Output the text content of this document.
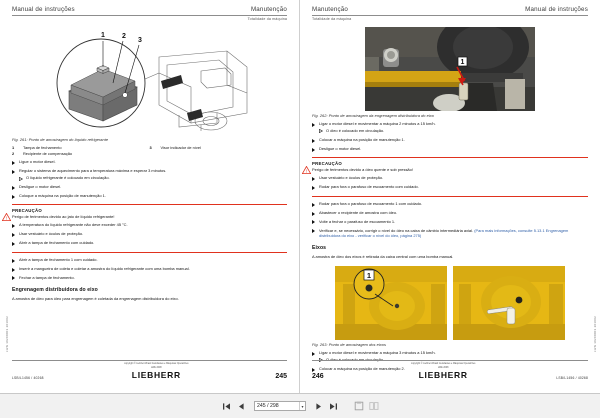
Manual de instruções	Manutenção
Totalidade da máquina
1 2
3
Fig. 261: Ponto de amostragem do líquido refrigerante
1	Tampa de fechamento
2	Recipiente de compensação
3	Visor indicador de nível
Ligue o motor diesel.
Regular o sistema de aquecimento para a temperatura máxima e esperar 3 minutos.
O líquido refrigerante é colocado em circulação.
Desligue o motor diesel.
Coloque a máquina na posição de manutenção 1.
!
PRECAUÇÃO
Perigo de ferimentos devido ao jato de líquido refrigerante!
A temperatura do líquido refrigerante não deve exceder 45 °C.
Usar vestuário e óculos de proteção.
Abrir a tampa de fechamento com cuidado.
Abrir a tampa de fechamento 1 com cuidado.
Inserir a mangueira de coleta e coletar a amostra do líquido refrigerante com uma bomba manual.
Fechar a tampa de fechamento.
Engrenagem distribuidora do eixo

A amostra de óleo para óleo para engrenagem é coletada da engrenagem distribuidora do eixo.

LWN 10200003 201002
LSB/L1456 / 40268
copyright © Liebherr-Brasil Guindastes e Máquinas Operatrizes
LWE 2008
LIEBHERR	245
Manutenção	Manual de instruções
Totalidade da máquina
1
Fig. 262: Ponto de amostragem da engrenagem distribuidora do eixo
Ligar o motor diesel e movimentar a máquina 2 minutos a 15 km/h.
O óleo é colocado em circulação.
Colocar a máquina na posição de manutenção 1.
Desligue o motor diesel.
!
PRECAUÇÃO
Perigo de ferimentos devido a óleo quente e sob pressão!
Usar vestuário e óculos de proteção.
Rodar para fora o parafuso de escoamento com cuidado.
Rodar para fora o parafuso de escoamento 1 com cuidado.
Abastecer o recipiente de amostra com óleo.
Volte a fechar o parafuso de escoamento 1.
Verificar e, se necessário, corrigir o nível do óleo na caixa de câmbio intermediária axial. (Para mais informações, consulte 5.13.1 Engrenagem distribuidora do eixo - verificar o nível do óleo, página 275)
Eixos

A amostra de óleo dos eixos é retirada da caixa central com uma bomba manual.

1
Fig. 263: Ponto de amostragem dos eixos
Ligar o motor diesel e movimentar a máquina 3 minutos a 15 km/h.
Colocar a máquina na posição de manutenção 2.
LWN 10200003 201002
246
copyright © Liebherr-Brasil Guindastes e Máquinas Operatrizes
LWE 2008
LIEBHERR	LSB/L1456 / 40268
245 / 298
▾
